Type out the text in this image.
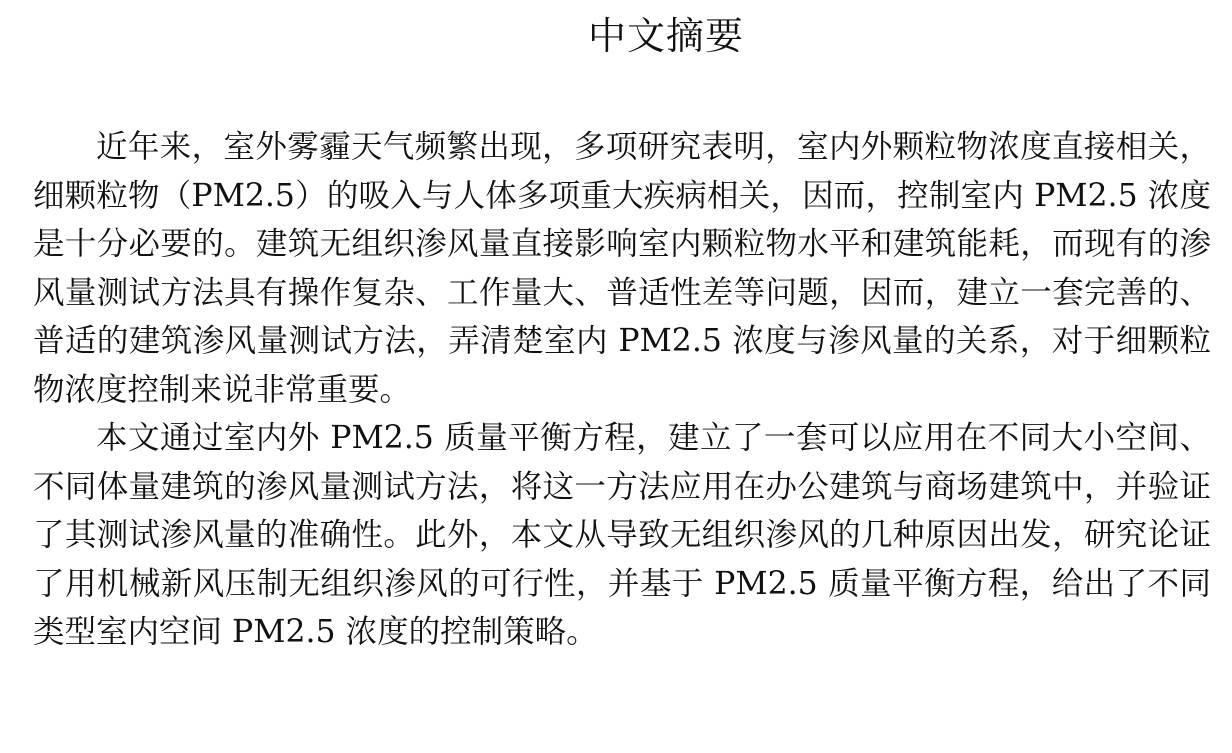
中文摘要

近年来，室外雾霾天气频繁出现，多项研究表明，室内外颗粒物浓度直接相关，细颗粒物（PM2.5）的吸入与人体多项重大疾病相关，因而，控制室内 PM2.5 浓度是十分必要的。建筑无组织渗风量直接影响室内颗粒物水平和建筑能耗，而现有的渗风量测试方法具有操作复杂、工作量大、普适性差等问题，因而，建立一套完善的、普适的建筑渗风量测试方法，弄清楚室内 PM2.5 浓度与渗风量的关系，对于细颗粒物浓度控制来说非常重要。

本文通过室内外 PM2.5 质量平衡方程，建立了一套可以应用在不同大小空间、不同体量建筑的渗风量测试方法，将这一方法应用在办公建筑与商场建筑中，并验证了其测试渗风量的准确性。此外，本文从导致无组织渗风的几种原因出发，研究论证了用机械新风压制无组织渗风的可行性，并基于 PM2.5 质量平衡方程，给出了不同类型室内空间 PM2.5 浓度的控制策略。
